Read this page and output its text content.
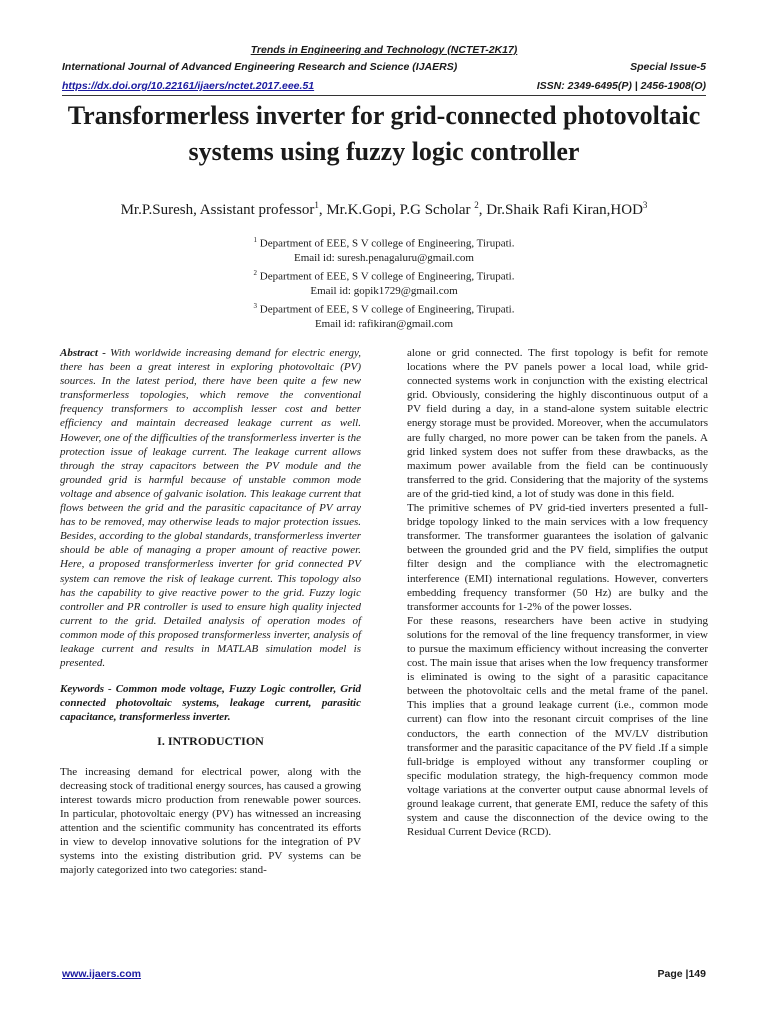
Trends in Engineering and Technology (NCTET-2K17)
International Journal of Advanced Engineering Research and Science (IJAERS)	Special Issue-5
https://dx.doi.org/10.22161/ijaers/nctet.2017.eee.51	ISSN: 2349-6495(P) | 2456-1908(O)
Transformerless inverter for grid-connected photovoltaic systems using fuzzy logic controller
Mr.P.Suresh, Assistant professor$^1$, Mr.K.Gopi, P.G Scholar $^2$, Dr.Shaik Rafi Kiran,HOD$^3$
$^1$ Department of EEE, S V college of Engineering, Tirupati.
Email id: suresh.penagaluru@gmail.com
$^2$ Department of EEE, S V college of Engineering, Tirupati.
Email id: gopik1729@gmail.com
$^3$ Department of EEE, S V college of Engineering, Tirupati.
Email id: rafikiran@gmail.com

Abstract - With worldwide increasing demand for electric energy, there has been a great interest in exploring photovoltaic (PV) sources. In the latest period, there have been quite a few new transformerless topologies, which remove the conventional frequency transformers to accomplish lesser cost and better efficiency and maintain decreased leakage current as well. However, one of the difficulties of the transformerless inverter is the protection issue of leakage current. The leakage current allows through the stray capacitors between the PV module and the grounded grid is harmful because of unstable common mode voltage and absence of galvanic isolation. This leakage current that flows between the grid and the parasitic capacitance of PV array has to be removed, may otherwise leads to major protection issues. Besides, according to the global standards, transformerless inverter should be able of managing a proper amount of reactive power. Here, a proposed transformerless inverter for grid connected PV system can remove the risk of leakage current. This topology also has the capability to give reactive power to the grid. Fuzzy logic controller and PR controller is used to ensure high quality injected current to the grid. Detailed analysis of operation modes of common mode of this proposed transformerless inverter, analysis of leakage current and results in MATLAB simulation model is presented.

Keywords - Common mode voltage, Fuzzy Logic controller, Grid connected photovoltaic systems, leakage current, parasitic capacitance, transformerless inverter.

I. INTRODUCTION

The increasing demand for electrical power, along with the decreasing stock of traditional energy sources, has caused a growing interest towards micro production from renewable power sources. In particular, photovoltaic energy (PV) has witnessed an increasing attention and the scientific community has concentrated its efforts in view to develop innovative solutions for the integration of PV systems into the existing distribution grid. PV systems can be majorly categorized into two categories: stand-

alone or grid connected. The first topology is befit for remote locations where the PV panels power a local load, while grid-connected systems work in conjunction with the existing electrical grid. Obviously, considering the highly discontinuous output of a PV field during a day, in a stand-alone system suitable electric energy storage must be provided. Moreover, when the accumulators are fully charged, no more power can be taken from the panels. A grid linked system does not suffer from these drawbacks, as the maximum power available from the field can be continuously transferred to the grid. Considering that the majority of the systems are of the grid-tied kind, a lot of study was done in this field.

The primitive schemes of PV grid-tied inverters presented a full-bridge topology linked to the main services with a low frequency transformer. The transformer guarantees the isolation of galvanic between the grounded grid and the PV field, simplifies the output filter design and the compliance with the electromagnetic interference (EMI) international regulations. However, converters embedding frequency transformer (50 Hz) are bulky and the transformer accounts for 1-2% of the power losses.

For these reasons, researchers have been active in studying solutions for the removal of the line frequency transformer, in view to pursue the maximum efficiency without increasing the converter cost. The main issue that arises when the low frequency transformer is eliminated is owing to the sight of a parasitic capacitance between the photovoltaic cells and the metal frame of the panel. This implies that a ground leakage current (i.e., common mode current) can flow into the resonant circuit comprises of the line conductors, the earth connection of the MV/LV distribution transformer and the parasitic capacitance of the PV field .If a simple full-bridge is employed without any transformer coupling or specific modulation strategy, the high-frequency common mode voltage variations at the converter output cause abnormal levels of ground leakage current, that generate EMI, reduce the safety of this system and cause the disconnection of the device owing to the Residual Current Device (RCD).

www.ijaers.com	Page |149
